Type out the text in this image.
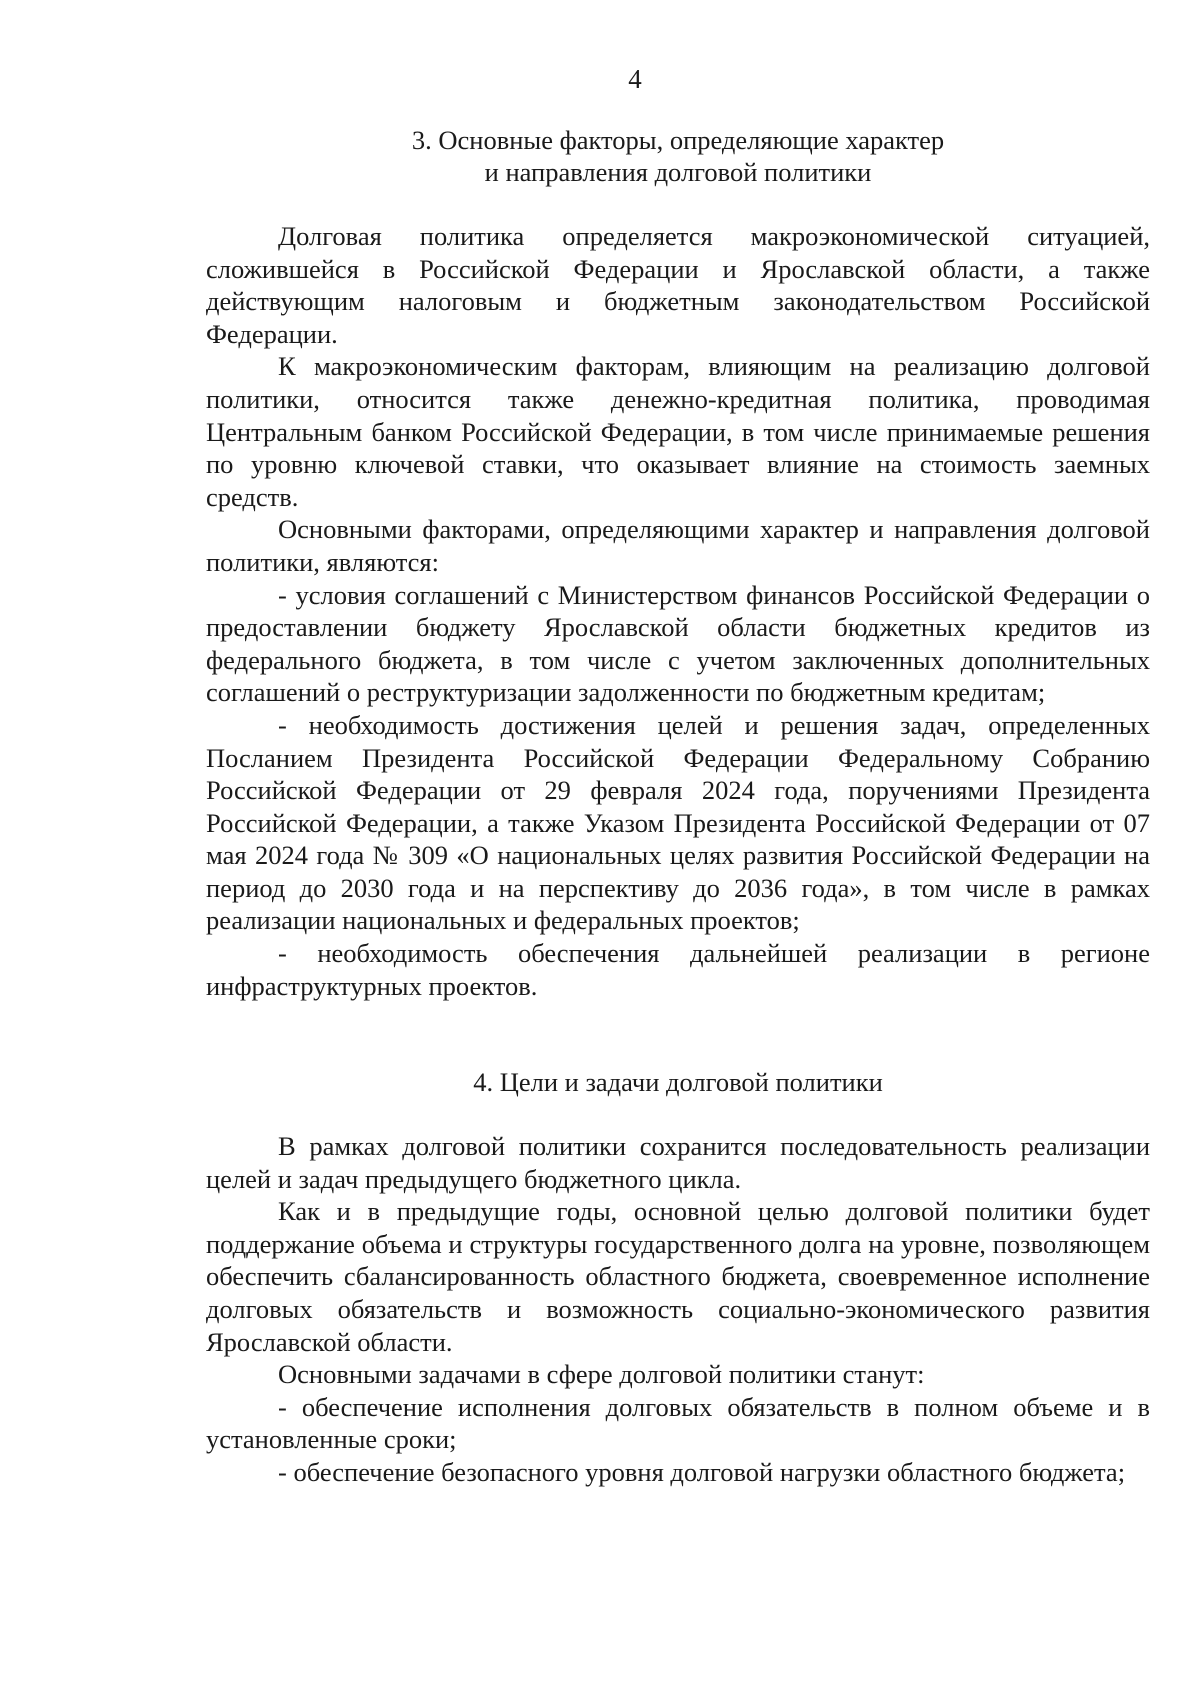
4
3. Основные факторы, определяющие характер
и направления долговой политики

Долговая политика определяется макроэкономической ситуацией, сложившейся в Российской Федерации и Ярославской области, а также действующим налоговым и бюджетным законодательством Российской Федерации.

К макроэкономическим факторам, влияющим на реализацию долговой политики, относится также денежно-кредитная политика, проводимая Центральным банком Российской Федерации, в том числе принимаемые решения по уровню ключевой ставки, что оказывает влияние на стоимость заемных средств.

Основными факторами, определяющими характер и направления долговой политики, являются:

- условия соглашений с Министерством финансов Российской Федерации о предоставлении бюджету Ярославской области бюджетных кредитов из федерального бюджета, в том числе с учетом заключенных дополнительных соглашений о реструктуризации задолженности по бюджетным кредитам;

- необходимость достижения целей и решения задач, определенных Посланием Президента Российской Федерации Федеральному Собранию Российской Федерации от 29 февраля 2024 года, поручениями Президента Российской Федерации, а также Указом Президента Российской Федерации от 07 мая 2024 года № 309 «О национальных целях развития Российской Федерации на период до 2030 года и на перспективу до 2036 года», в том числе в рамках реализации национальных и федеральных проектов;

- необходимость обеспечения дальнейшей реализации в регионе инфраструктурных проектов.

4. Цели и задачи долговой политики

В рамках долговой политики сохранится последовательность реализации целей и задач предыдущего бюджетного цикла.

Как и в предыдущие годы, основной целью долговой политики будет поддержание объема и структуры государственного долга на уровне, позволяющем обеспечить сбалансированность областного бюджета, своевременное исполнение долговых обязательств и возможность социально-экономического развития Ярославской области.

Основными задачами в сфере долговой политики станут:

- обеспечение исполнения долговых обязательств в полном объеме и в установленные сроки;

- обеспечение безопасного уровня долговой нагрузки областного бюджета;
